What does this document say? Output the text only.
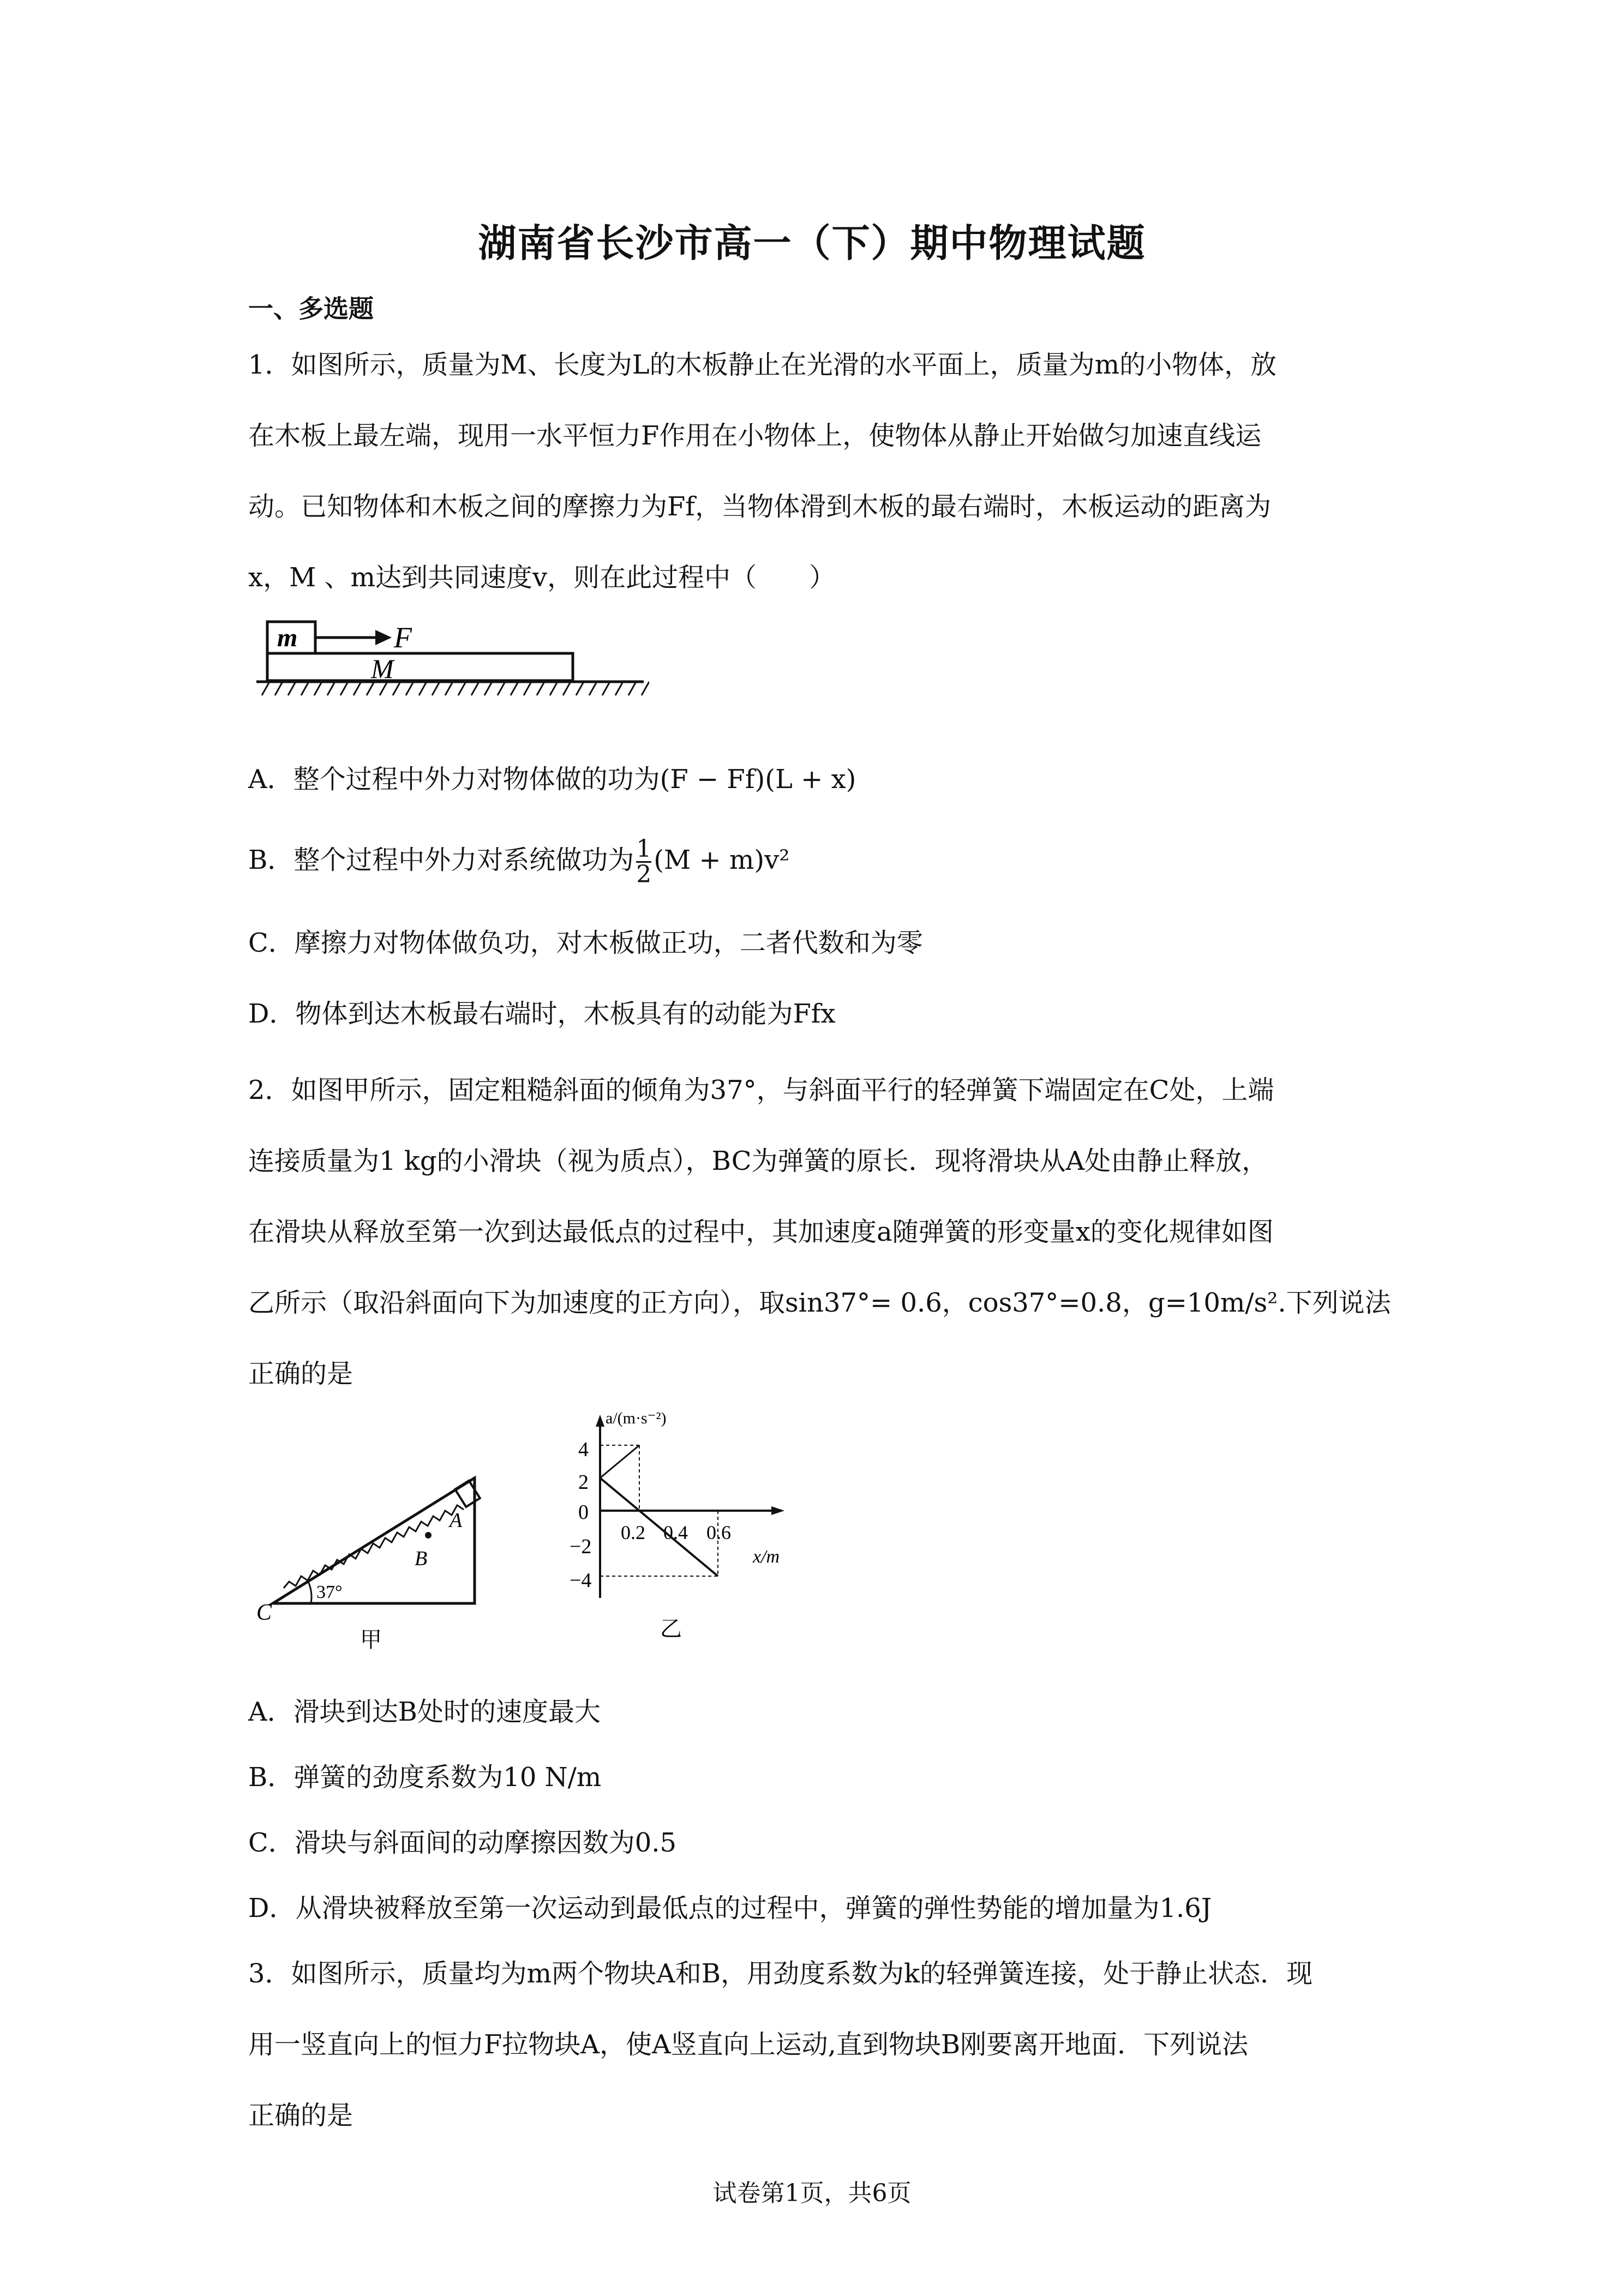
湖南省长沙市高一（下）期中物理试题
一、多选题
1．如图所示，质量为M、长度为L的木板静止在光滑的水平面上，质量为m的小物体，放
在木板上最左端，现用一水平恒力F作用在小物体上，使物体从静止开始做匀加速直线运
动。已知物体和木板之间的摩擦力为Ff，当物体滑到木板的最右端时，木板运动的距离为
x，M 、m达到共同速度v，则在此过程中（　　）
m	F
M
A．整个过程中外力对物体做的功为(F − Ff)(L + x)
B．整个过程中外力对系统做功为 $\frac{1}{2} (M + m)v^2$
C．摩擦力对物体做负功，对木板做正功，二者代数和为零
D．物体到达木板最右端时，木板具有的动能为Ffx
2．如图甲所示，固定粗糙斜面的倾角为37°，与斜面平行的轻弹簧下端固定在C处，上端
连接质量为1 kg的小滑块（视为质点），BC为弹簧的原长．现将滑块从A处由静止释放，
在滑块从释放至第一次到达最低点的过程中，其加速度a随弹簧的形变量x的变化规律如图
乙所示（取沿斜面向下为加速度的正方向），取sin37°= 0.6，cos37°=0.8，g=10m/s².下列说法
正确的是
A
B
C
37°
甲
a/(m·s⁻²)
x/m
4
2
0
−2
−4
0.2 0.4 0.6
乙
A．滑块到达B处时的速度最大
B．弹簧的劲度系数为10 N/m
C．滑块与斜面间的动摩擦因数为0.5
D．从滑块被释放至第一次运动到最低点的过程中，弹簧的弹性势能的增加量为1.6J
3．如图所示，质量均为m两个物块A和B，用劲度系数为k的轻弹簧连接，处于静止状态．现
用一竖直向上的恒力F拉物块A，使A竖直向上运动,直到物块B刚要离开地面．下列说法
正确的是
试卷第1页，共6页
